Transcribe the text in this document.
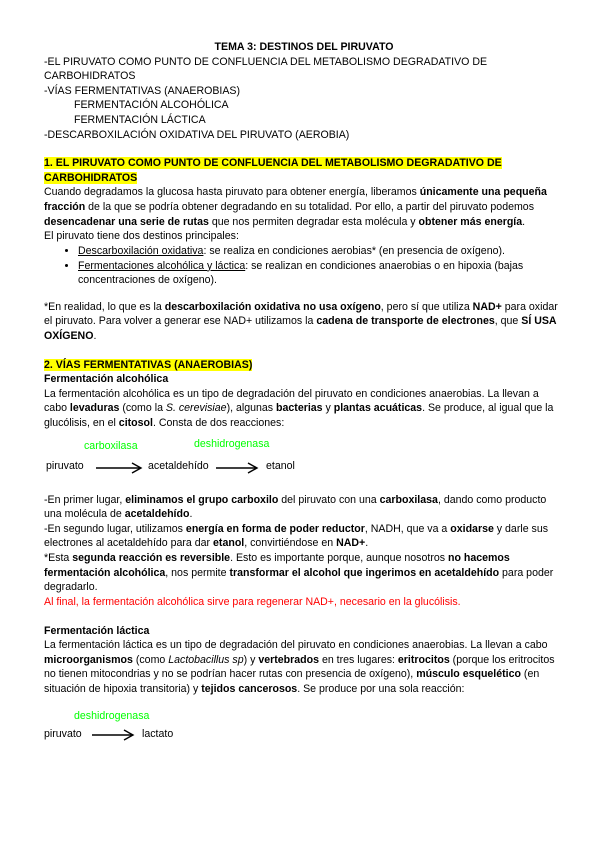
TEMA 3: DESTINOS DEL PIRUVATO
-EL PIRUVATO COMO PUNTO DE CONFLUENCIA DEL METABOLISMO DEGRADATIVO DE
CARBOHIDRATOS
-VÍAS FERMENTATIVAS (ANAEROBIAS)
FERMENTACIÓN ALCOHÓLICA
FERMENTACIÓN LÁCTICA
-DESCARBOXILACIÓN OXIDATIVA DEL PIRUVATO (AEROBIA)
1. EL PIRUVATO COMO PUNTO DE CONFLUENCIA DEL METABOLISMO DEGRADATIVO DE
CARBOHIDRATOS

Cuando degradamos la glucosa hasta piruvato para obtener energía, liberamos únicamente una pequeña fracción de la que se podría obtener degradando en su totalidad. Por ello, a partir del piruvato podemos desencadenar una serie de rutas que nos permiten degradar esta molécula y obtener más energía.

El piruvato tiene dos destinos principales:

• Descarboxilación oxidativa: se realiza en condiciones aerobias* (en presencia de oxígeno).
• Fermentaciones alcohólica y láctica: se realizan en condiciones anaerobias o en hipoxia (bajas concentraciones de oxígeno).

*En realidad, lo que es la descarboxilación oxidativa no usa oxígeno, pero sí que utiliza NAD+ para oxidar el piruvato. Para volver a generar ese NAD+ utilizamos la cadena de transporte de electrones, que SÍ USA OXÍGENO.

2. VÍAS FERMENTATIVAS (ANAEROBIAS)
Fermentación alcohólica

La fermentación alcohólica es un tipo de degradación del piruvato en condiciones anaerobias. La llevan a cabo levaduras (como la S. cerevisiae), algunas bacterias y plantas acuáticas. Se produce, al igual que la glucólisis, en el citosol. Consta de dos reacciones:

carboxilasa	deshidrogenasa
piruvato	acetaldehído	etanol

-En primer lugar, eliminamos el grupo carboxilo del piruvato con una carboxilasa, dando como producto una molécula de acetaldehído.

-En segundo lugar, utilizamos energía en forma de poder reductor, NADH, que va a oxidarse y darle sus electrones al acetaldehído para dar etanol, convirtiéndose en NAD+.

*Esta segunda reacción es reversible. Esto es importante porque, aunque nosotros no hacemos fermentación alcohólica, nos permite transformar el alcohol que ingerimos en acetaldehído para poder degradarlo.

Al final, la fermentación alcohólica sirve para regenerar NAD+, necesario en la glucólisis.

Fermentación láctica

La fermentación láctica es un tipo de degradación del piruvato en condiciones anaerobias. La llevan a cabo microorganismos (como Lactobacillus sp) y vertebrados en tres lugares: eritrocitos (porque los eritrocitos no tienen mitocondrias y no se podrían hacer rutas con presencia de oxígeno), músculo esquelético (en situación de hipoxia transitoria) y tejidos cancerosos. Se produce por una sola reacción:

deshidrogenasa
piruvato	lactato
